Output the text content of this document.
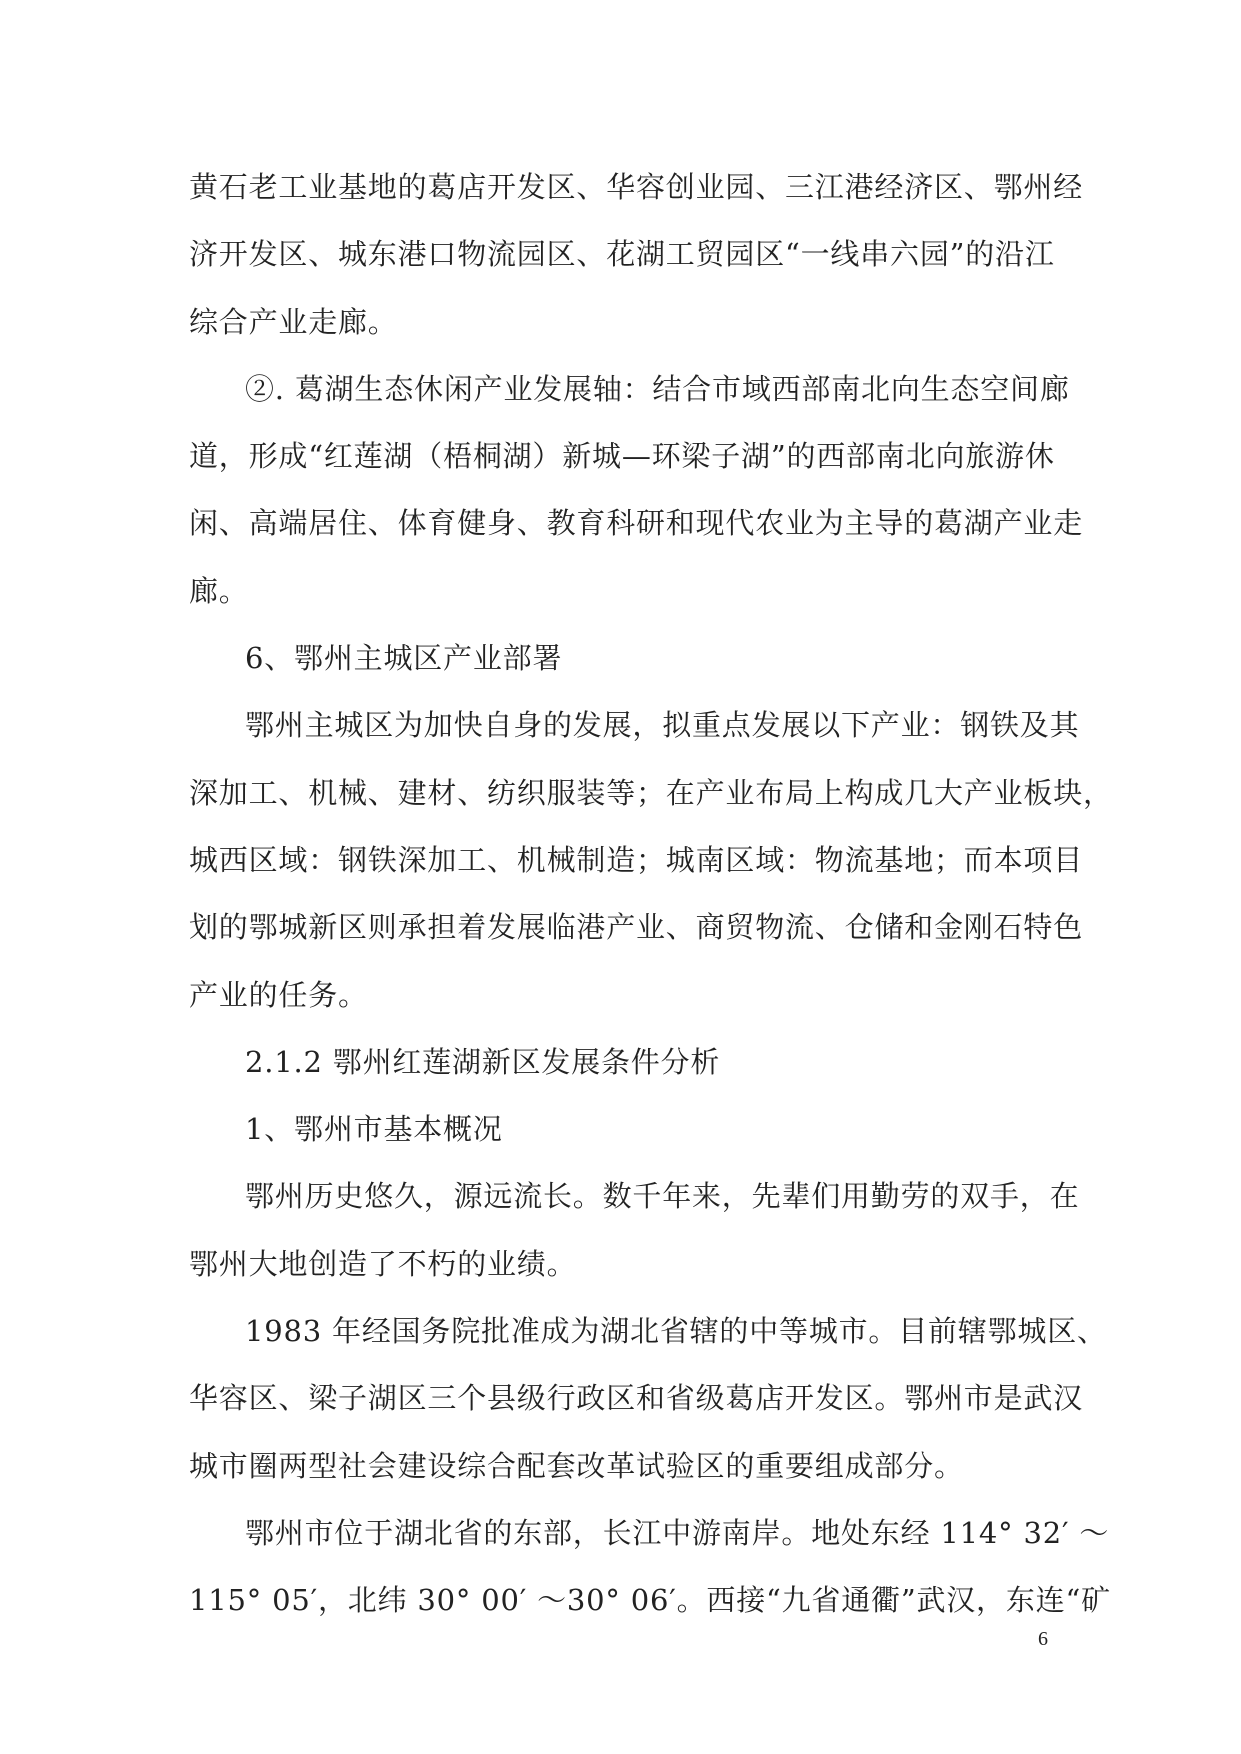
黄石老工业基地的葛店开发区、华容创业园、三江港经济区、鄂州经
济开发区、城东港口物流园区、花湖工贸园区“一线串六园”的沿江
综合产业走廊。
②. 葛湖生态休闲产业发展轴：结合市域西部南北向生态空间廊
道，形成“红莲湖（梧桐湖）新城—环梁子湖”的西部南北向旅游休
闲、高端居住、体育健身、教育科研和现代农业为主导的葛湖产业走
廊。
6、鄂州主城区产业部署
鄂州主城区为加快自身的发展，拟重点发展以下产业：钢铁及其
深加工、机械、建材、纺织服装等；在产业布局上构成几大产业板块，
城西区域：钢铁深加工、机械制造；城南区域：物流基地；而本项目
划的鄂城新区则承担着发展临港产业、商贸物流、仓储和金刚石特色
产业的任务。
2.1.2 鄂州红莲湖新区发展条件分析
1、鄂州市基本概况
鄂州历史悠久，源远流长。数千年来，先辈们用勤劳的双手，在
鄂州大地创造了不朽的业绩。
1983 年经国务院批准成为湖北省辖的中等城市。目前辖鄂城区、
华容区、梁子湖区三个县级行政区和省级葛店开发区。鄂州市是武汉
城市圈两型社会建设综合配套改革试验区的重要组成部分。
鄂州市位于湖北省的东部，长江中游南岸。地处东经 114° 32′ ～
115° 05′，北纬 30° 00′ ～30° 06′。西接“九省通衢”武汉，东连“矿
6
